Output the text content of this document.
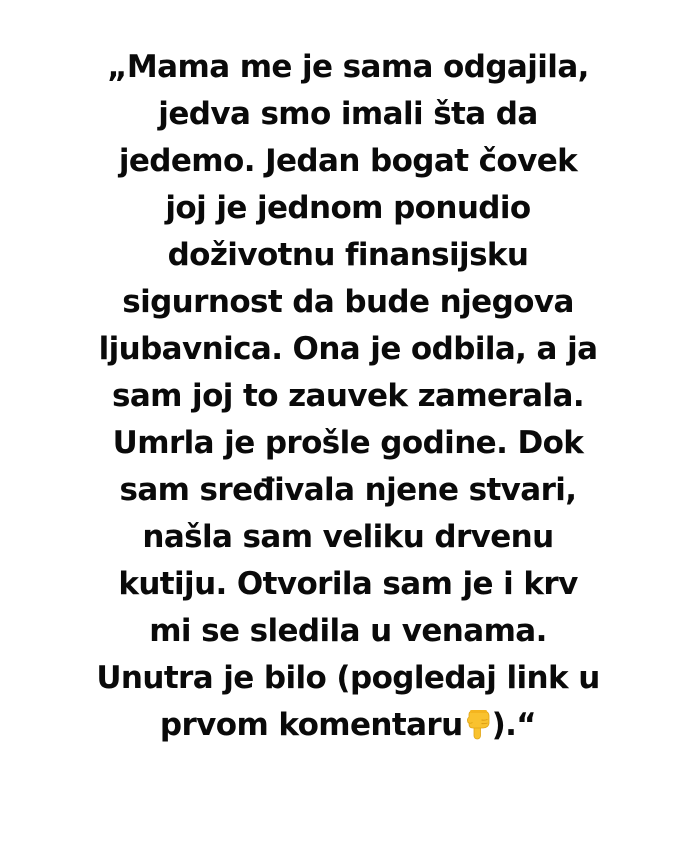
„Mama me je sama odgajila,
jedva smo imali šta da
jedemo. Jedan bogat čovek
joj je jednom ponudio
doživotnu finansijsku
sigurnost da bude njegova
ljubavnica. Ona je odbila, a ja
sam joj to zauvek zamerala.
Umrla je prošle godine. Dok
sam sređivala njene stvari,
našla sam veliku drvenu
kutiju. Otvorila sam je i krv
mi se sledila u venama.
Unutra je bilo (pogledaj link u
prvom komentaru ).“
